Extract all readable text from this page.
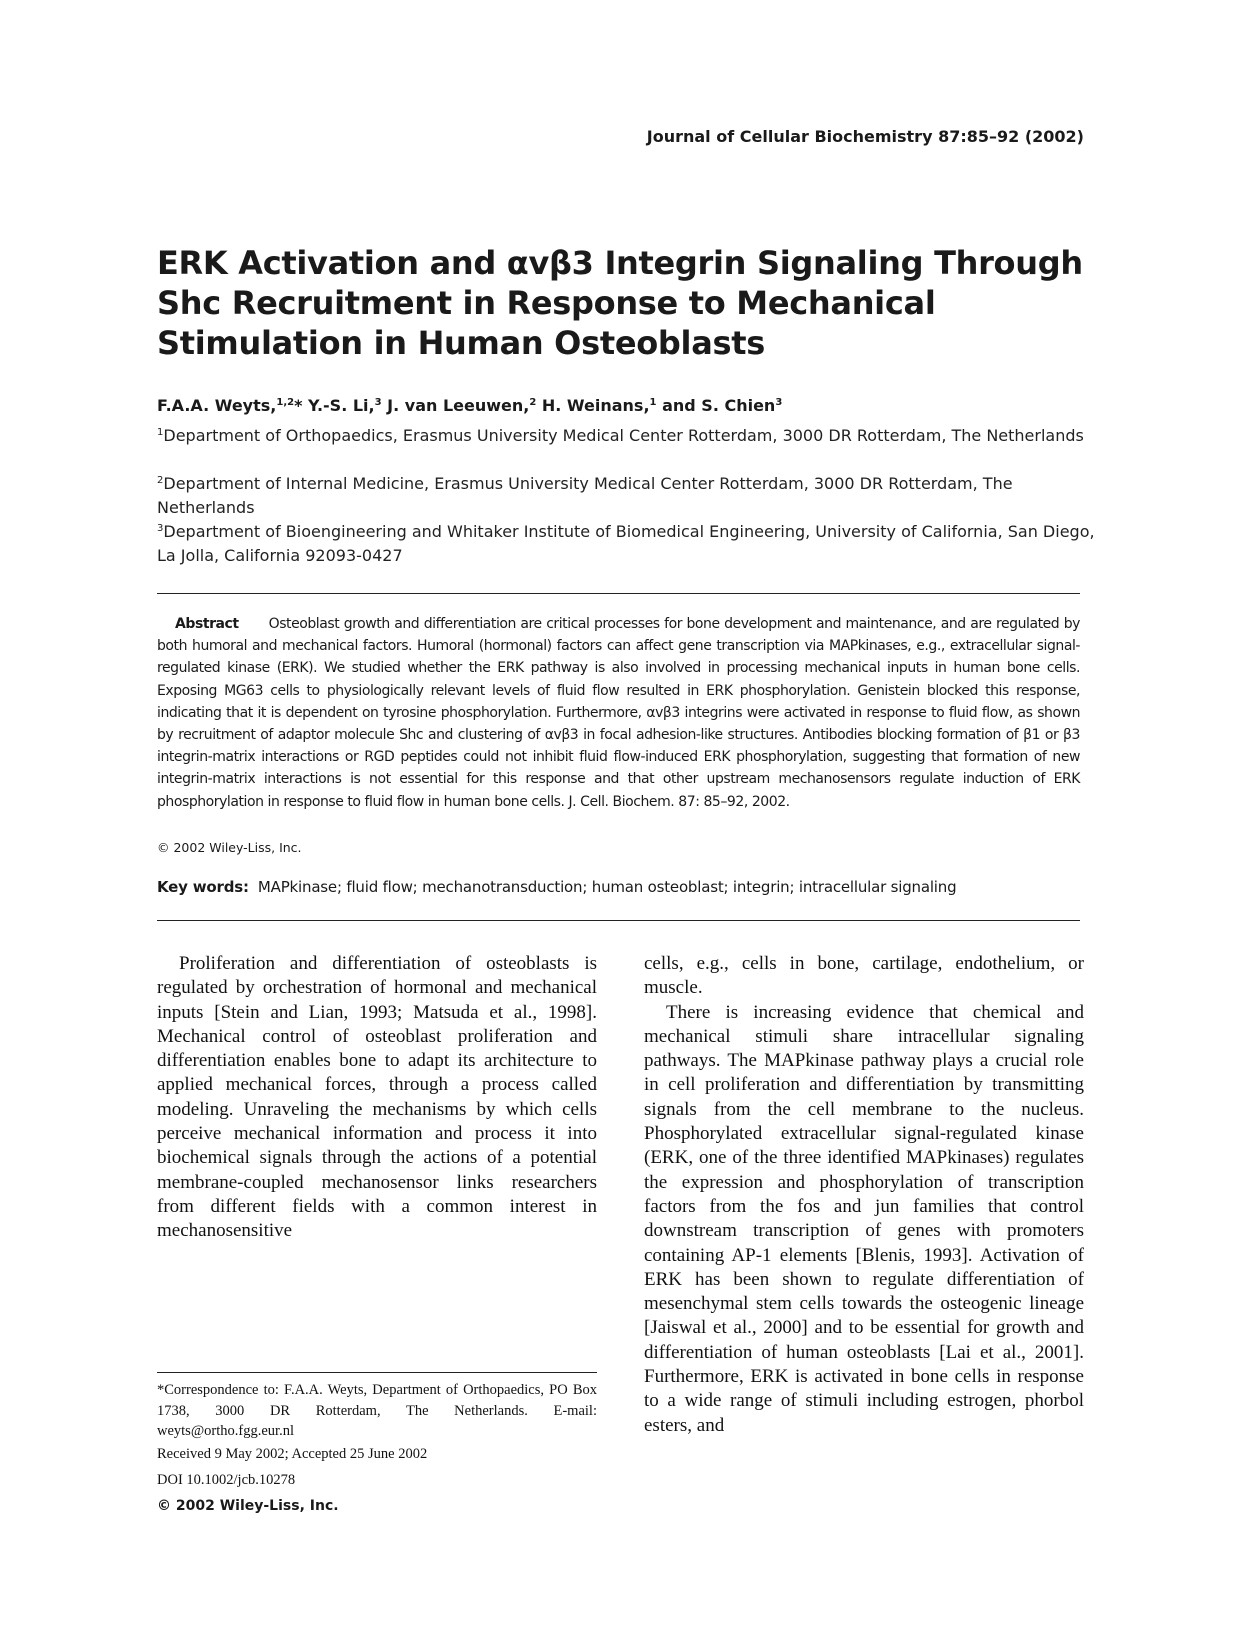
Journal of Cellular Biochemistry 87:85–92 (2002)
ERK Activation and αvβ3 Integrin Signaling Through Shc Recruitment in Response to Mechanical Stimulation in Human Osteoblasts
F.A.A. Weyts,$^{1,2}$* Y.-S. Li,$^3$ J. van Leeuwen,$^2$ H. Weinans,$^1$ and S. Chien$^3$
$^1$Department of Orthopaedics, Erasmus University Medical Center Rotterdam, 3000 DR Rotterdam, The Netherlands
$^2$Department of Internal Medicine, Erasmus University Medical Center Rotterdam, 3000 DR Rotterdam, The Netherlands
$^3$Department of Bioengineering and Whitaker Institute of Biomedical Engineering, University of California, San Diego, La Jolla, California 92093-0427
Abstract Osteoblast growth and differentiation are critical processes for bone development and maintenance, and are regulated by both humoral and mechanical factors. Humoral (hormonal) factors can affect gene transcription via MAPkinases, e.g., extracellular signal-regulated kinase (ERK). We studied whether the ERK pathway is also involved in processing mechanical inputs in human bone cells. Exposing MG63 cells to physiologically relevant levels of fluid flow resulted in ERK phosphorylation. Genistein blocked this response, indicating that it is dependent on tyrosine phosphorylation. Furthermore, αvβ3 integrins were activated in response to fluid flow, as shown by recruitment of adaptor molecule Shc and clustering of αvβ3 in focal adhesion-like structures. Antibodies blocking formation of β1 or β3 integrin-matrix interactions or RGD peptides could not inhibit fluid flow-induced ERK phosphorylation, suggesting that formation of new integrin-matrix interactions is not essential for this response and that other upstream mechanosensors regulate induction of ERK phosphorylation in response to fluid flow in human bone cells. J. Cell. Biochem. 87: 85–92, 2002.
© 2002 Wiley-Liss, Inc.
Key words: MAPkinase; fluid flow; mechanotransduction; human osteoblast; integrin; intracellular signaling

Proliferation and differentiation of osteoblasts is regulated by orchestration of hormonal and mechanical inputs [Stein and Lian, 1993; Matsuda et al., 1998]. Mechanical control of osteoblast proliferation and differentiation enables bone to adapt its architecture to applied mechanical forces, through a process called modeling. Unraveling the mechanisms by which cells perceive mechanical information and process it into biochemical signals through the actions of a potential membrane-coupled mechanosensor links researchers from different fields with a common interest in mechanosensitive

cells, e.g., cells in bone, cartilage, endothelium, or muscle.

There is increasing evidence that chemical and mechanical stimuli share intracellular signaling pathways. The MAPkinase pathway plays a crucial role in cell proliferation and differentiation by transmitting signals from the cell membrane to the nucleus. Phosphorylated extracellular signal-regulated kinase (ERK, one of the three identified MAPkinases) regulates the expression and phosphorylation of transcription factors from the fos and jun families that control downstream transcription of genes with promoters containing AP-1 elements [Blenis, 1993]. Activation of ERK has been shown to regulate differentiation of mesenchymal stem cells towards the osteogenic lineage [Jaiswal et al., 2000] and to be essential for growth and differentiation of human osteoblasts [Lai et al., 2001]. Furthermore, ERK is activated in bone cells in response to a wide range of stimuli including estrogen, phorbol esters, and

*Correspondence to: F.A.A. Weyts, Department of Orthopaedics, PO Box 1738, 3000 DR Rotterdam, The Netherlands. E-mail: weyts@ortho.fgg.eur.nl
Received 9 May 2002; Accepted 25 June 2002
DOI 10.1002/jcb.10278
© 2002 Wiley-Liss, Inc.
